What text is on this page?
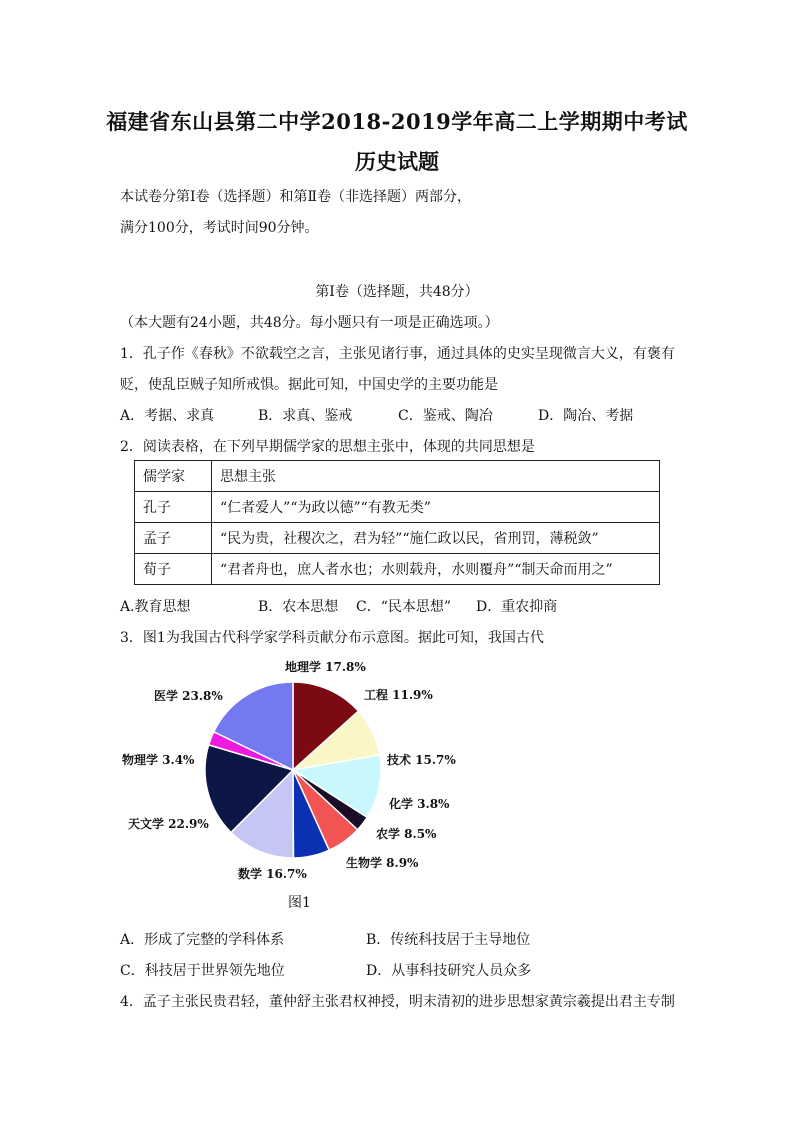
福建省东山县第二中学2018-2019学年高二上学期期中考试
历史试题
本试卷分第Ⅰ卷（选择题）和第Ⅱ卷（非选择题）两部分，
满分100分，考试时间90分钟。
第Ⅰ卷（选择题，共48分）
（本大题有24小题，共48分。每小题只有一项是正确选项。）
1．孔子作《春秋》不欲载空之言，主张见诸行事，通过具体的史实呈现微言大义，有褒有
贬，使乱臣贼子知所戒惧。据此可知，中国史学的主要功能是
A．考据、求真	B．求真、鉴戒	C．鉴戒、陶冶	D．陶冶、考据
2．阅读表格，在下列早期儒学家的思想主张中，体现的共同思想是
儒学家	思想主张
孔子	“仁者爱人”“为政以德”“有教无类”
孟子	“民为贵，社稷次之，君为轻”“施仁政以民，省刑罚，薄税敛”
荀子	“君者舟也，庶人者水也；水则载舟，水则覆舟”“制天命而用之”
A.教育思想	B．农本思想 C．“民本思想” D．重农抑商
3．图1为我国古代科学家学科贡献分布示意图。据此可知，我国古代
地理学 17.8%
工程 11.9%
技术 15.7%
化学 3.8%
农学 8.5%
生物学 8.9%
数学 16.7%
天文学 22.9%
物理学 3.4%
医学 23.8%
图1
A．形成了完整的学科体系	B．传统科技居于主导地位
C．科技居于世界领先地位	D．从事科技研究人员众多
4．孟子主张民贵君轻，董仲舒主张君权神授，明末清初的进步思想家黄宗羲提出君主专制
